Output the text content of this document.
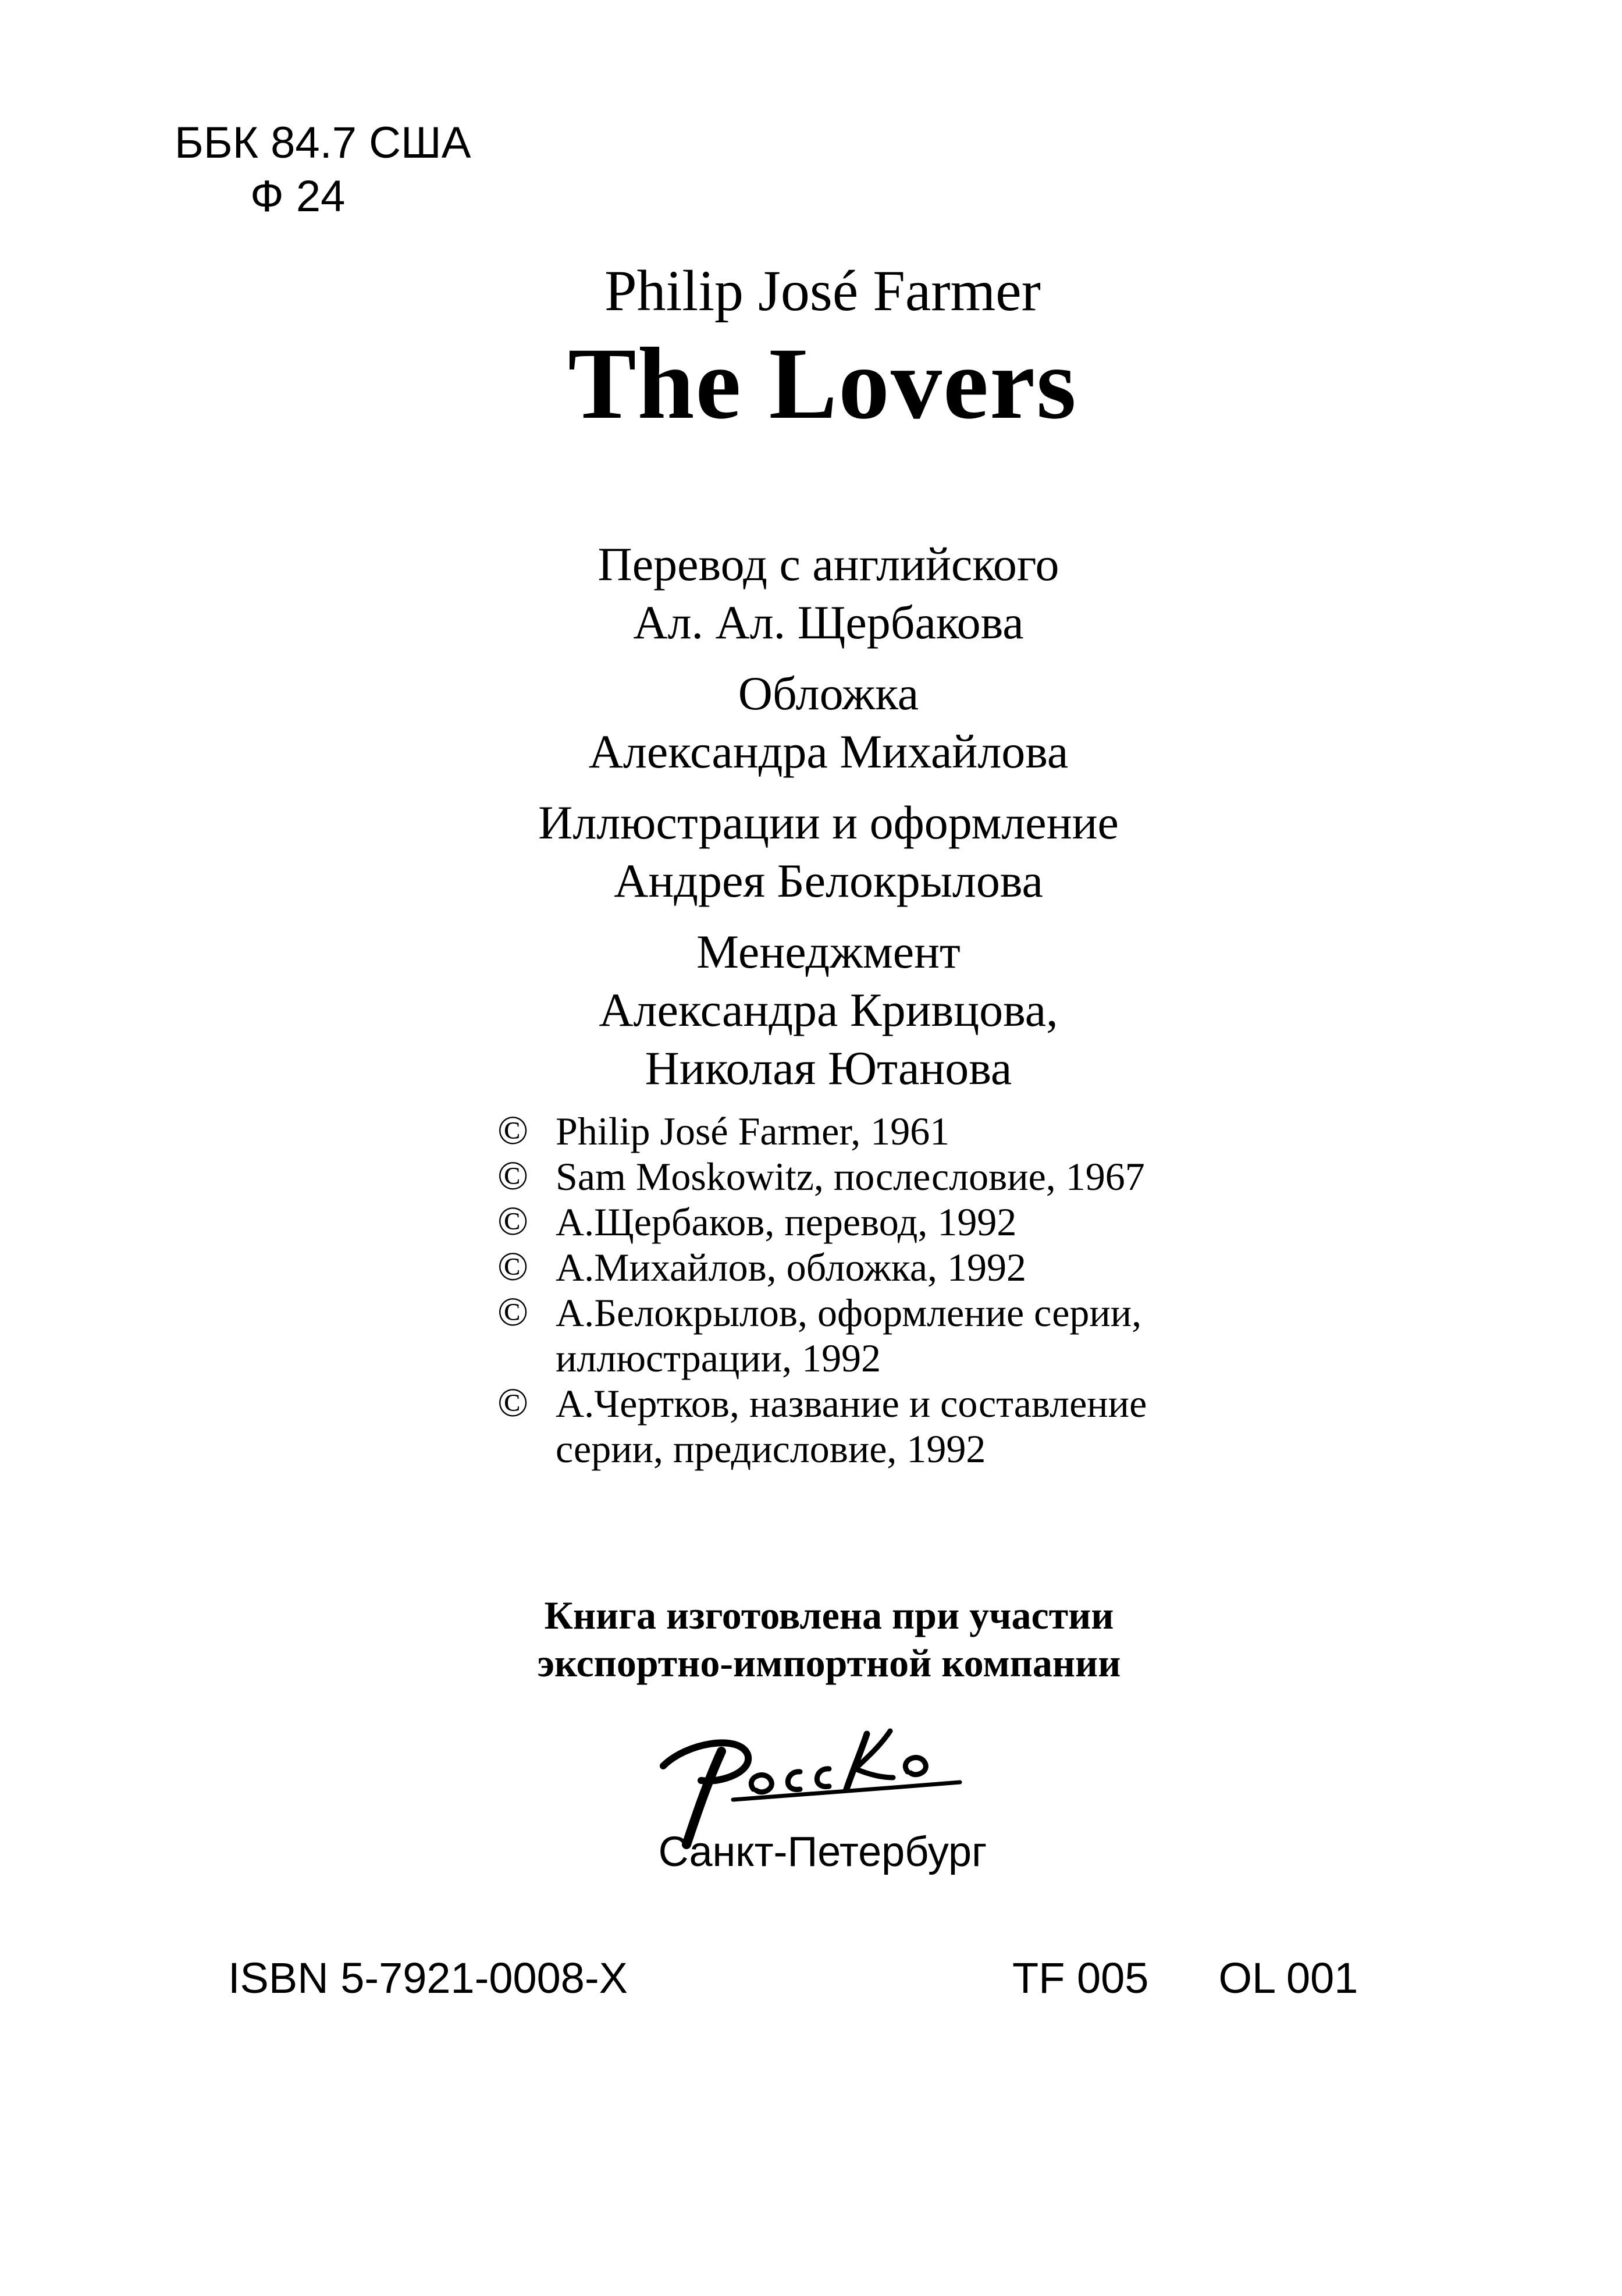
ББК 84.7 США
Ф 24
Philip José Farmer
The Lovers
Перевод с английского
Ал. Ал. Щербакова
Обложка
Александра Михайлова
Иллюстрации и оформление
Андрея Белокрылова
Менеджмент
Александра Кривцова,
Николая Ютанова
© Philip José Farmer, 1961
© Sam Moskowitz, послесловие, 1967
© А.Щербаков, перевод, 1992
© А.Михайлов, обложка, 1992
© А.Белокрылов, оформление серии, иллюстрации, 1992
© А.Чертков, название и составление серии, предисловие, 1992
Книга изготовлена при участии
экспортно-импортной компании
Санкт-Петербург
ISBN 5-7921-0008-X	TF 005 OL 001
